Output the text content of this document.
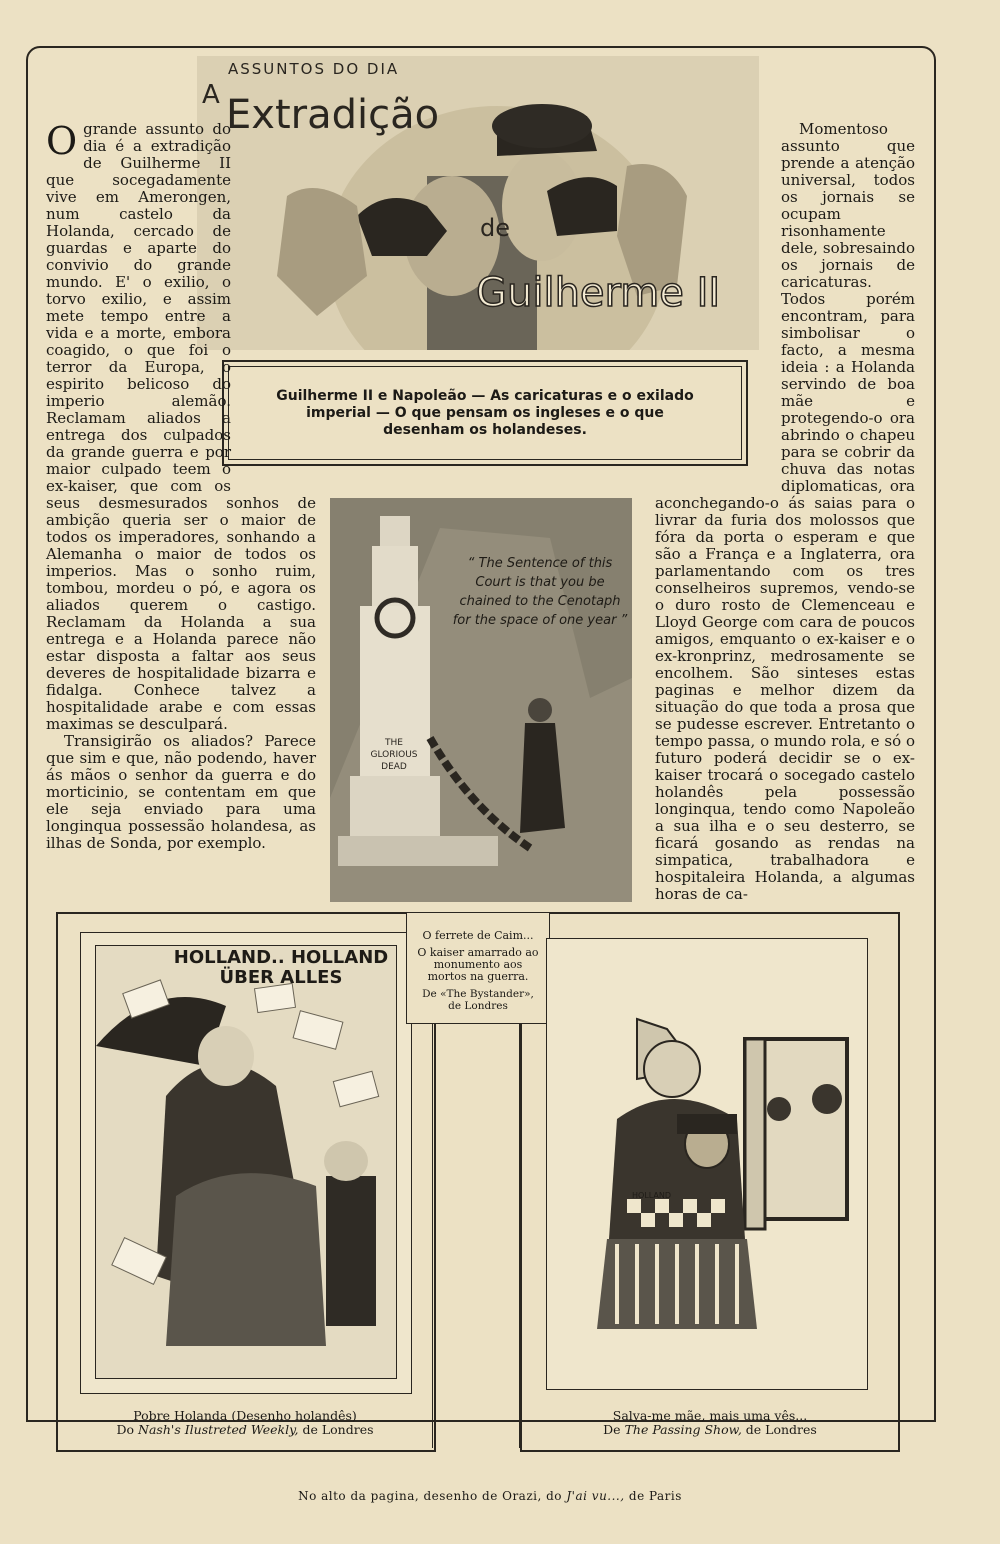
ASSUNTOS DO DIA
A Extradição
de
Guilherme II
Guilherme II e Napoleão — As caricaturas e o exilado imperial — O que pensam os ingleses e o que desenham os holandeses.
O grande assunto do dia é a extradição de Guilherme II que socegadamente vive em Amerongen, num castelo da Holanda, cercado de guardas e aparte do convivio do grande mundo. E' o exilio, o torvo exilio, e assim mete tempo entre a vida e a morte, embora coagido, o que foi o terror da Europa, o espirito belicoso do imperio alemão. Reclamam aliados a entrega dos culpados da grande guerra e por maior culpado teem o ex-kaiser, que com os seus desmesurados sonhos de ambição queria ser o maior de todos os imperadores, sonhando a Alemanha o maior de todos os imperios. Mas o sonho ruim, tombou, mordeu o pó, e agora os aliados querem o castigo. Reclamam da Holanda a sua entrega e a Holanda parece não estar disposta a faltar aos seus deveres de hospitalidade bizarra e fidalga. Conhece talvez a hospitalidade arabe e com essas maximas se desculpará.

Transigirão os aliados? Parece que sim e que, não podendo, haver ás mãos o senhor da guerra e do morticinio, se contentam em que ele seja enviado para uma longinqua possessão holandesa, as ilhas de Sonda, por exemplo.

Momentoso assunto que prende a atenção universal, todos os jornais se ocupam risonhamente dele, sobresaindo os jornais de caricaturas. Todos porém encontram, para simbolisar o facto, a mesma ideia : a Holanda servindo de boa mãe e protegendo-o ora abrindo o chapeu para se cobrir da chuva das notas diplomaticas, ora aconchegando-o ás saias para o livrar da furia dos molossos que fóra da porta o esperam e que são a França e a Inglaterra, ora parlamentando com os tres conselheiros supremos, vendo-se o duro rosto de Clemenceau e Lloyd George com cara de poucos amigos, emquanto o ex-kaiser e o ex-kronprinz, medrosamente se encolhem. São sinteses estas paginas e melhor dizem da situação do que toda a prosa que se pudesse escrever. Entretanto o tempo passa, o mundo rola, e só o futuro poderá decidir se o ex-kaiser trocará o socegado castelo holandês pela possessão longinqua, tendo como Napoleão a sua ilha e o seu desterro, se ficará gosando as rendas na simpatica, trabalhadora e hospitaleira Holanda, a algumas horas de ca-

“ The Sentence of this Court is that you be chained to the Cenotaph for the space of one year ”
THE GLORIOUS DEAD
HOLLAND.. HOLLAND ÜBER ALLES
Pobre Holanda (Desenho holandês)
Do Nash's Ilustreted Weekly, de Londres
O ferrete de Caim...
O kaiser amarrado ao monumento aos mortos na guerra.
De «The Bystander», de Londres
HOLLAND
Salva-me mãe, mais uma vês...
De The Passing Show, de Londres
No alto da pagina, desenho de Orazi, do J'ai vu..., de Paris
